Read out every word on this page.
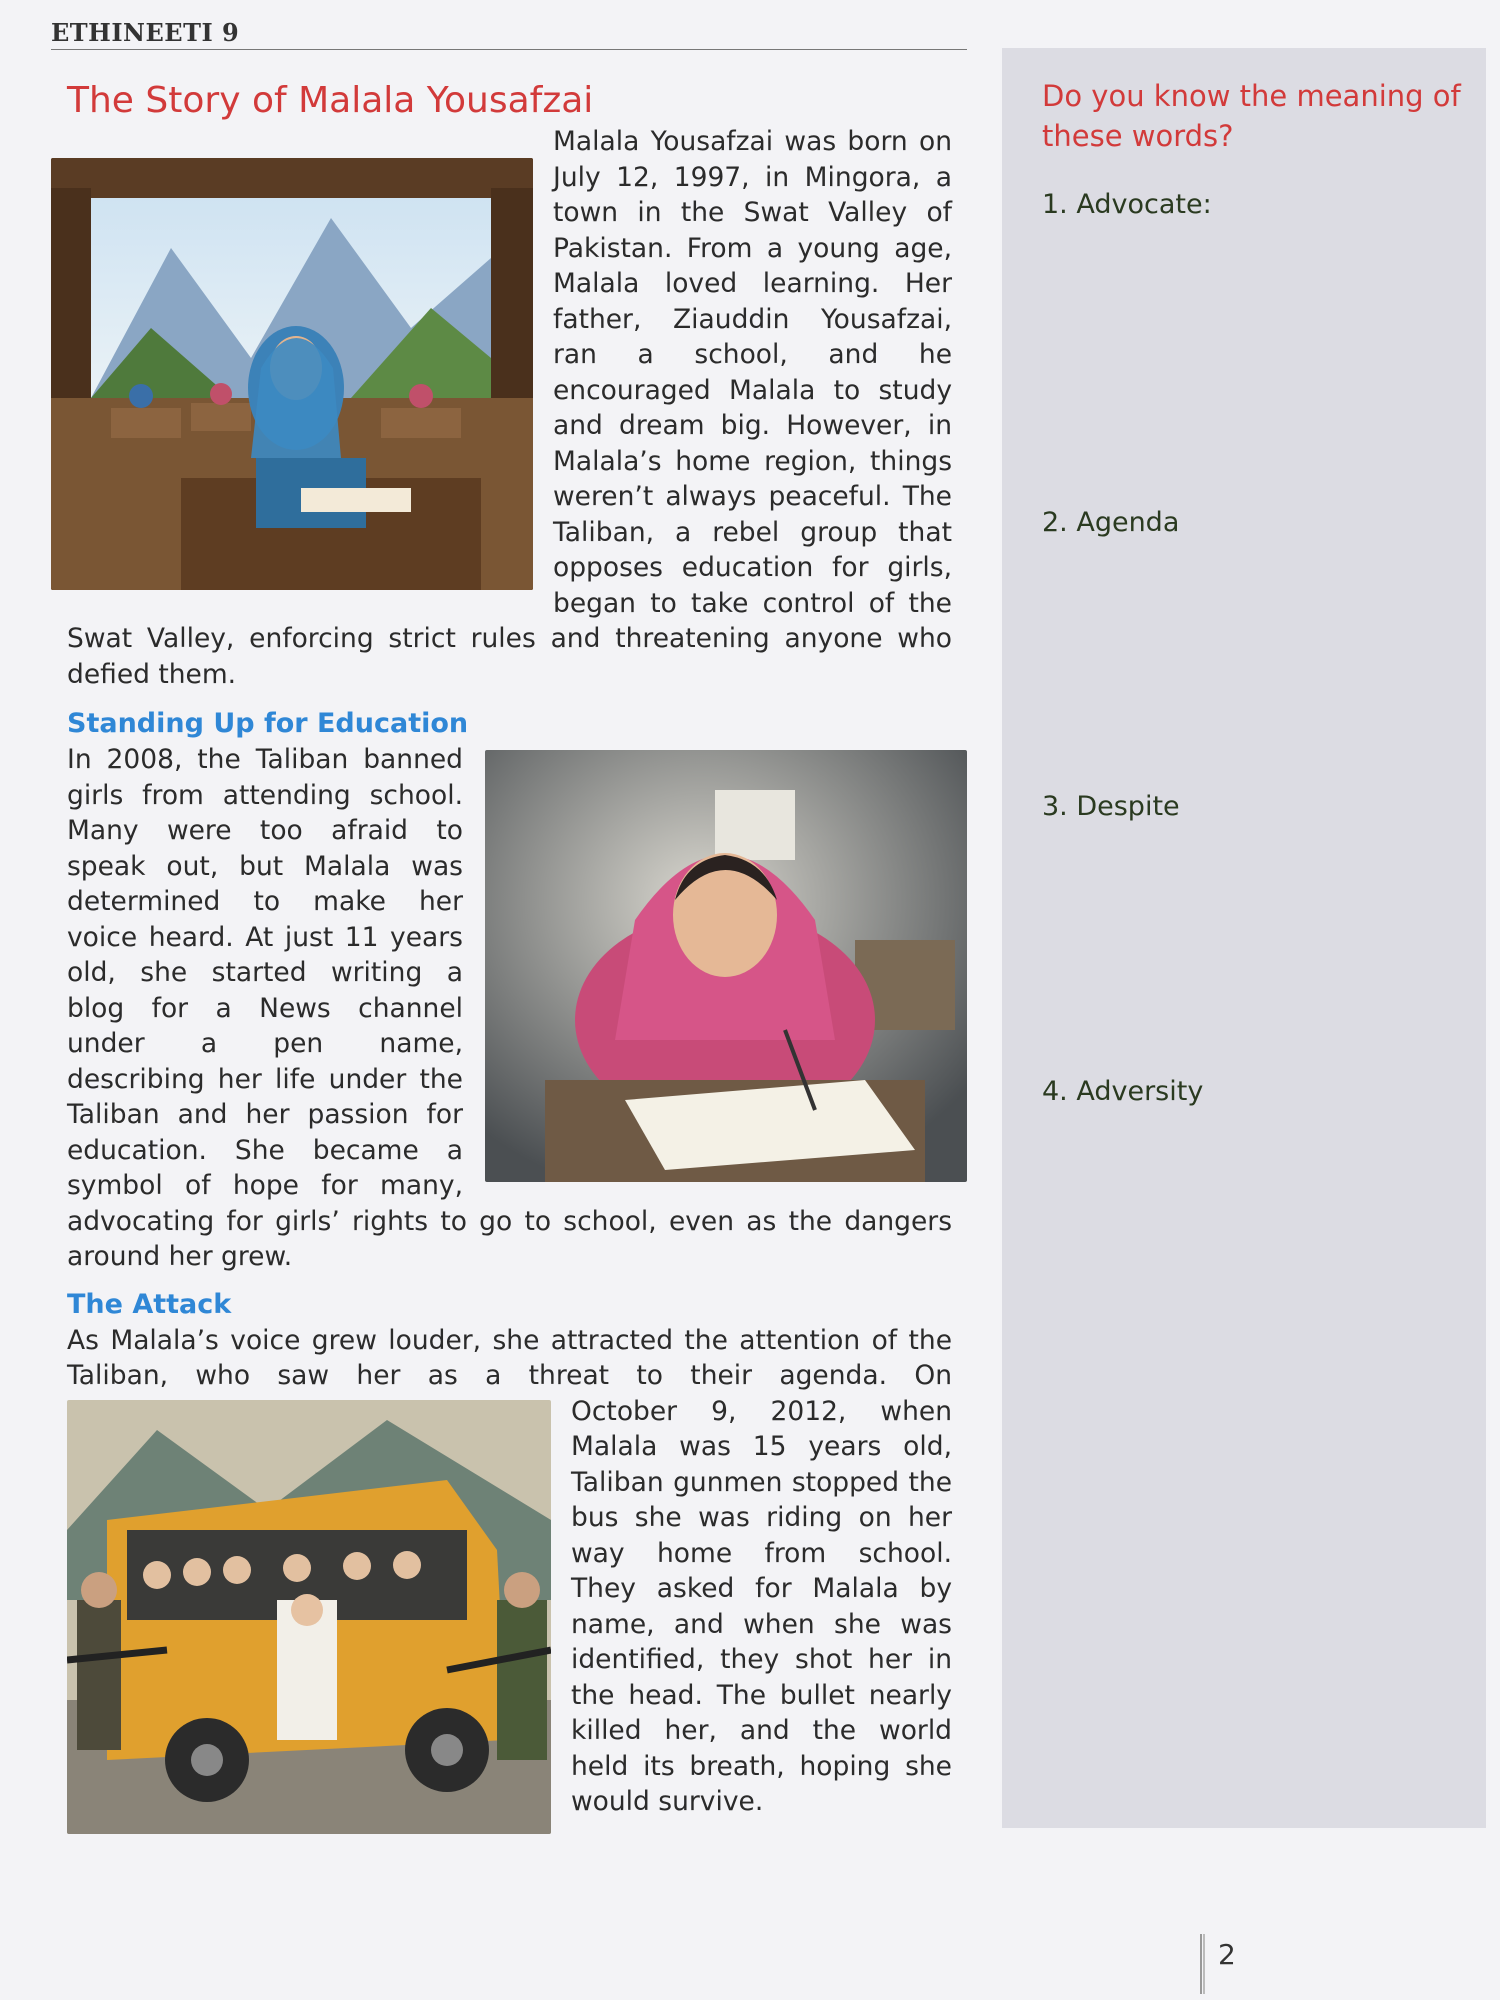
ETHINEETI 9
The Story of Malala Yousafzai

Malala Yousafzai was born on July 12, 1997, in Mingora, a town in the Swat Valley of Pakistan. From a young age, Malala loved learning. Her father, Ziauddin Yousafzai, ran a school, and he encouraged Malala to study and dream big. However, in Malala’s home region, things weren’t always peaceful. The Taliban, a rebel group that opposes education for girls, began to take control of the Swat Valley, enforcing strict rules and threatening anyone who defied them.

Standing Up for Education

In 2008, the Taliban banned girls from attending school. Many were too afraid to speak out, but Malala was determined to make her voice heard. At just 11 years old, she started writing a blog for a News channel under a pen name, describing her life under the Taliban and her passion for education. She became a symbol of hope for many, advocating for girls’ rights to go to school, even as the dangers around her grew.

The Attack

As Malala’s voice grew louder, she attracted the attention of the Taliban, who saw her as a threat to their agenda. On

October 9, 2012, when Malala was 15 years old, Taliban gunmen stopped the bus she was riding on her way home from school. They asked for Malala by name, and when she was identified, they shot her in the head. The bullet nearly killed her, and the world held its breath, hoping she would survive.

Do you know the meaning of these words?
1. Advocate:
2. Agenda
3. Despite
4. Adversity
2
